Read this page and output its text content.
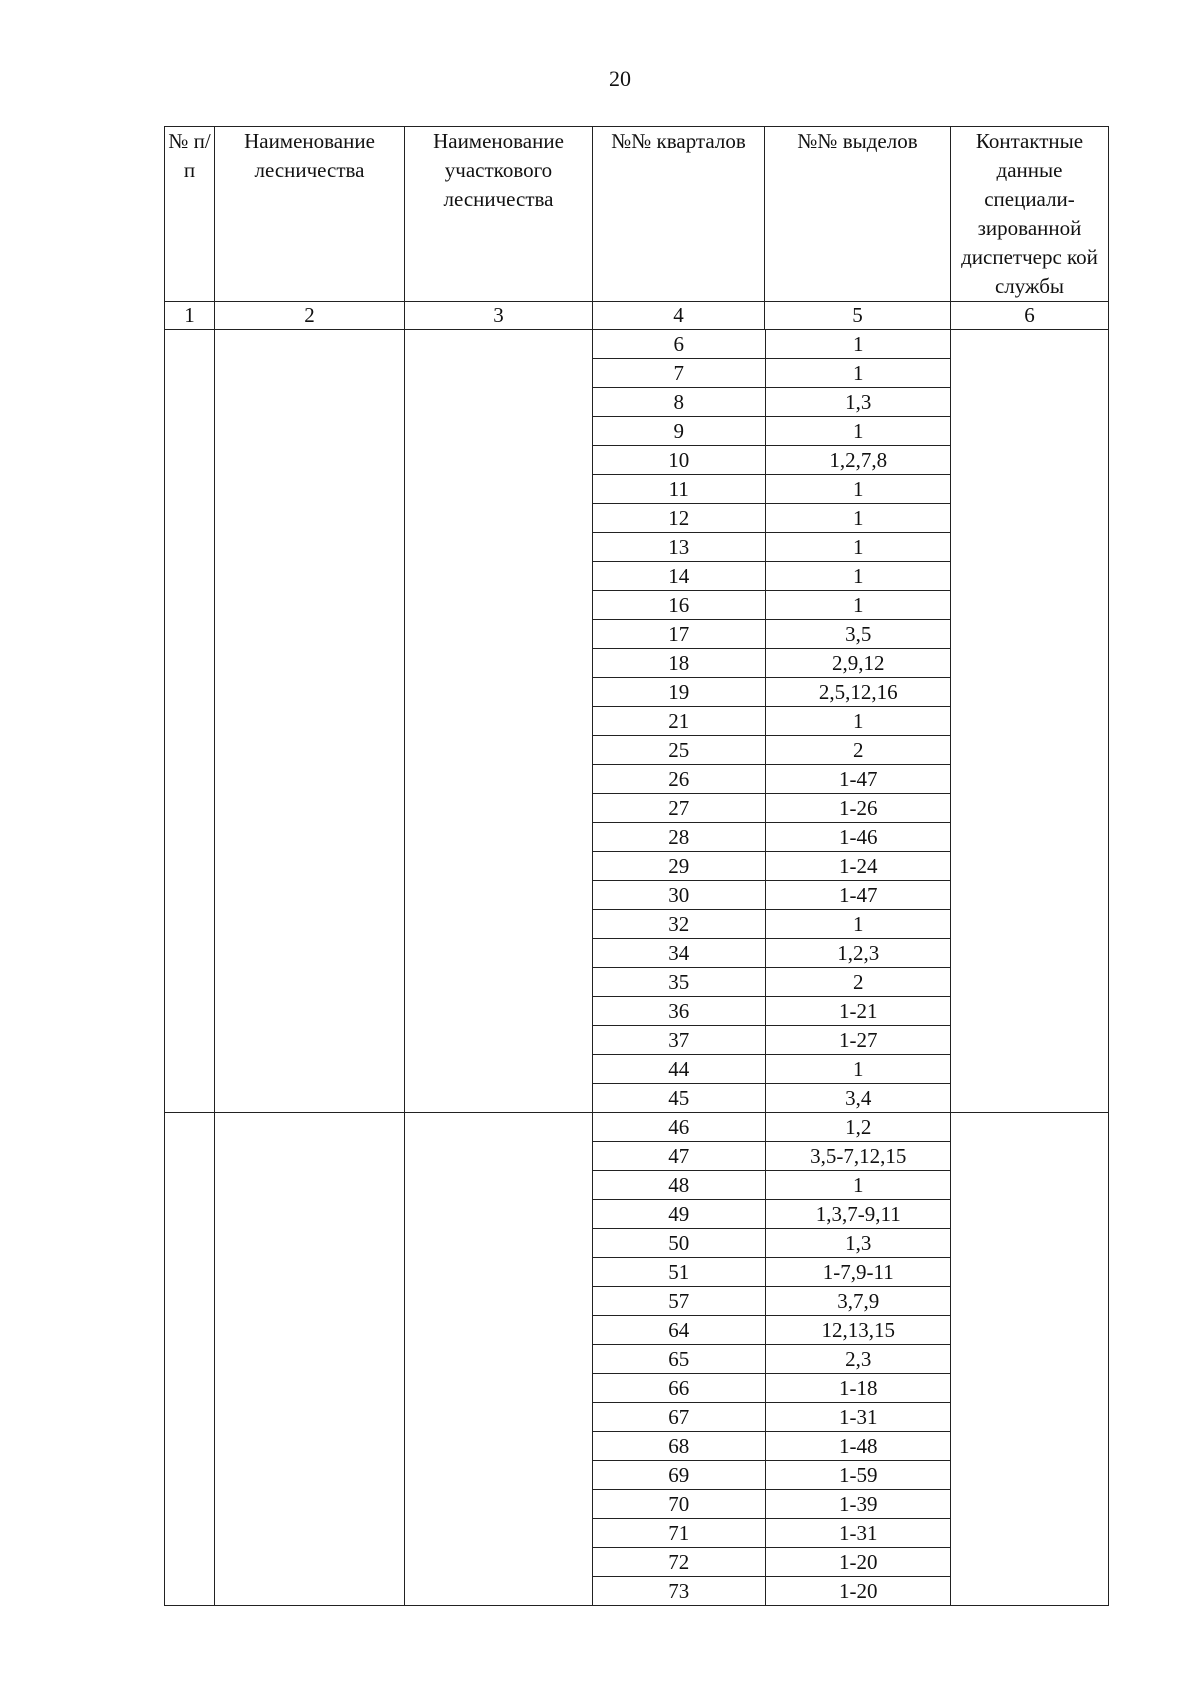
20
№ п/п	Наименование лесничества	Наименование участкового лесничества	№№ кварталов	№№ выделов	Контактные данные специали-зированной диспетчерс кой службы
1	2	3	4	5	6

6	1
7	1
8	1,3
9	1
10	1,2,7,8
11	1
12	1
13	1
14	1
16	1
17	3,5
18	2,9,12
19	2,5,12,16
21	1
25	2
26	1-47
27	1-26
28	1-46
29	1-24
30	1-47
32	1
34	1,2,3
35	2
36	1-21
37	1-27
44	1
45	3,4

46	1,2
47	3,5-7,12,15
48	1
49	1,3,7-9,11
50	1,3
51	1-7,9-11
57	3,7,9
64	12,13,15
65	2,3
66	1-18
67	1-31
68	1-48
69	1-59
70	1-39
71	1-31
72	1-20
73	1-20
